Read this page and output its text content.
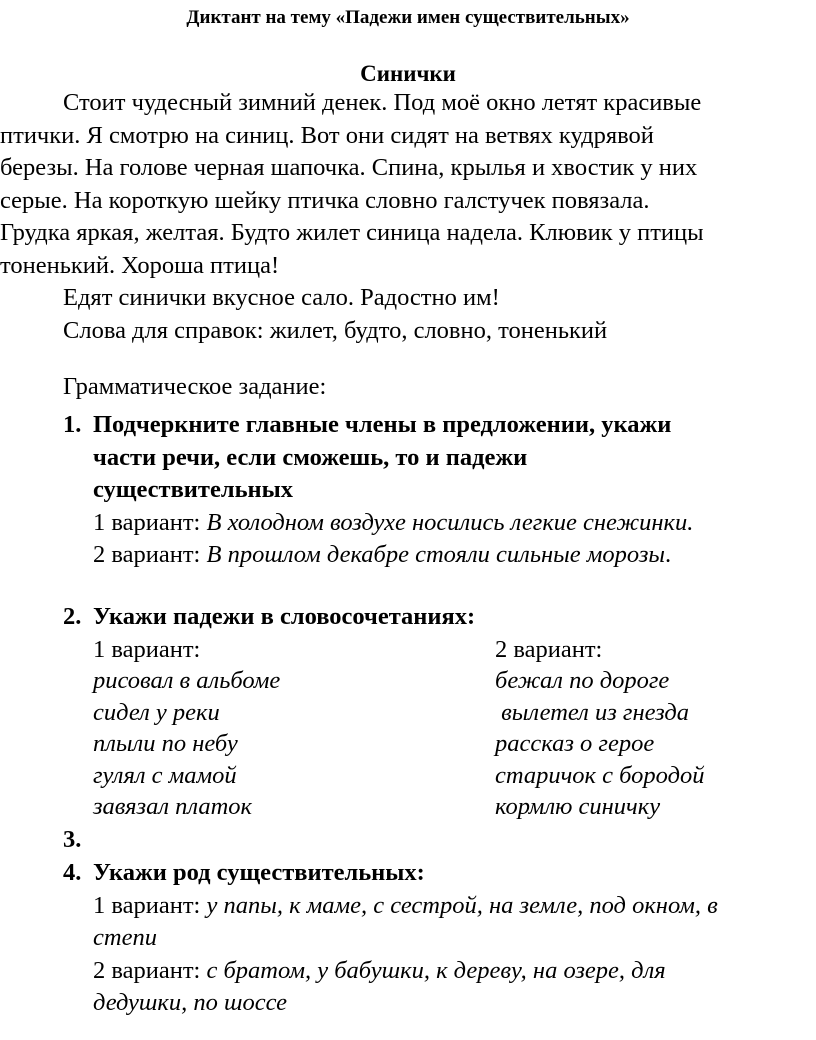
Диктант на тему «Падежи имен существительных»
Синички

Стоит чудесный зимний денек. Под моё окно летят красивые

птички. Я смотрю на синиц. Вот они сидят на ветвях кудрявой

березы. На голове черная шапочка. Спина, крылья и хвостик у них

серые. На короткую шейку птичка словно галстучек повязала.

Грудка яркая, желтая. Будто жилет синица надела. Клювик у птицы

тоненький. Хороша птица!

Едят синички вкусное сало. Радостно им!

Слова для справок: жилет, будто, словно, тоненький

Грамматическое задание:
1. Подчеркните главные члены в предложении, укажи
части речи, если сможешь, то и падежи
существительных
1 вариант: В холодном воздухе носились легкие снежинки.
2 вариант: В прошлом декабре стояли сильные морозы.
2. Укажи падежи в словосочетаниях:
1 вариант:	2 вариант:
рисовал в альбоме	бежал по дороге
сидел у реки	вылетел из гнезда
плыли по небу	рассказ о герое
гулял с мамой	старичок с бородой
завязал платок	кормлю синичку
3.
4. Укажи род существительных:
1 вариант: у папы, к маме, с сестрой, на земле, под окном, в
степи
2 вариант: с братом, у бабушки, к дереву, на озере, для
дедушки, по шоссе
